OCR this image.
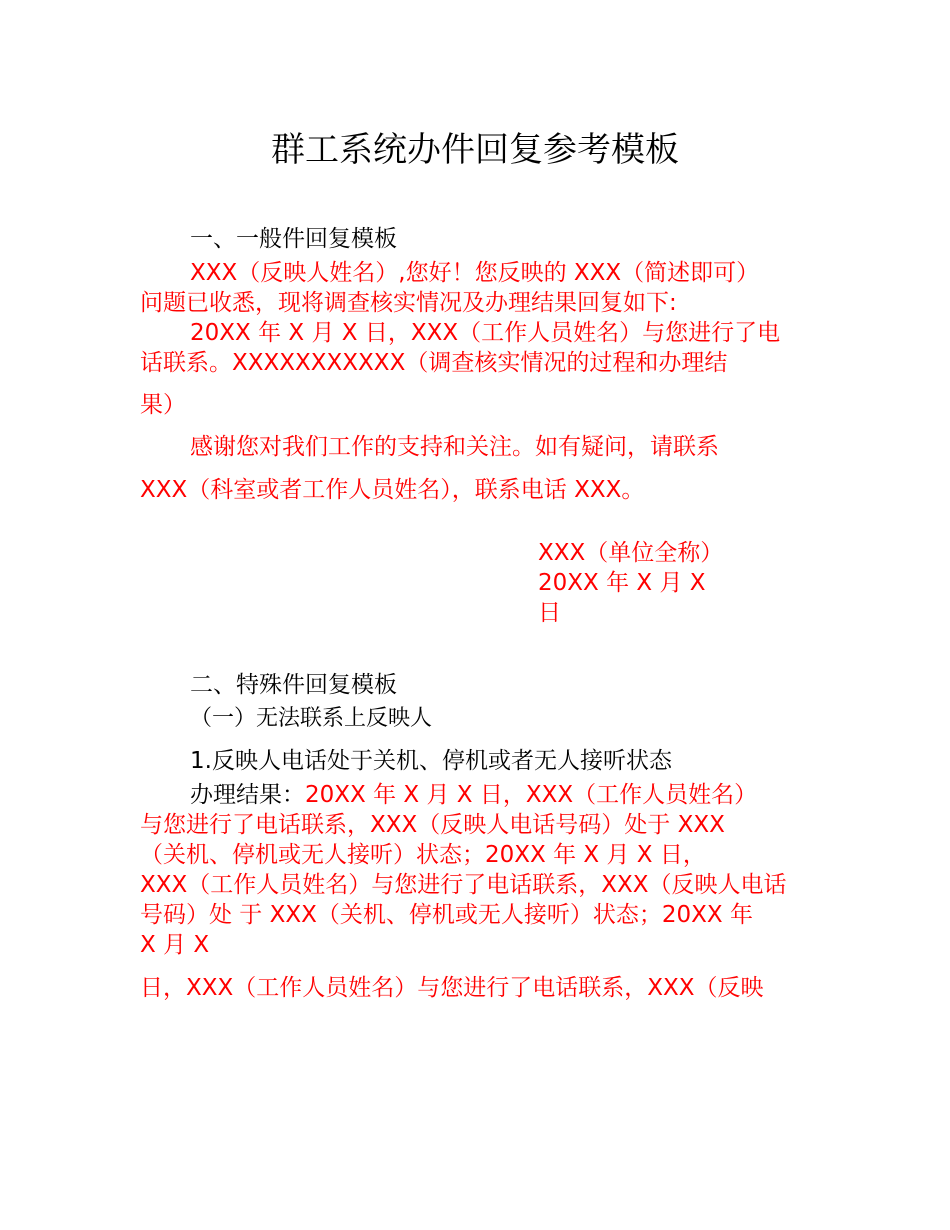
群工系统办件回复参考模板
一、一般件回复模板
XXX（反映人姓名）,您好！您反映的 XXX（简述即可）
问题已收悉，现将调查核实情况及办理结果回复如下:
20XX 年 X 月 X 日，XXX（工作人员姓名）与您进行了电
话联系。XXXXXXXXXXX（调查核实情况的过程和办理结
果）
感谢您对我们工作的支持和关注。如有疑问，请联系
XXX（科室或者工作人员姓名），联系电话 XXX。
XXX（单位全称）
20XX 年 X 月 X
日
二、特殊件回复模板
（一）无法联系上反映人
1.反映人电话处于关机、停机或者无人接听状态
办理结果：20XX 年 X 月 X 日，XXX（工作人员姓名）
与您进行了电话联系，XXX（反映人电话号码）处于 XXX
（关机、停机或无人接听）状态；20XX 年 X 月 X 日，
XXX（工作人员姓名）与您进行了电话联系，XXX（反映人电话
号码）处 于 XXX（关机、停机或无人接听）状态；20XX 年
X 月 X
日，XXX（工作人员姓名）与您进行了电话联系，XXX（反映
